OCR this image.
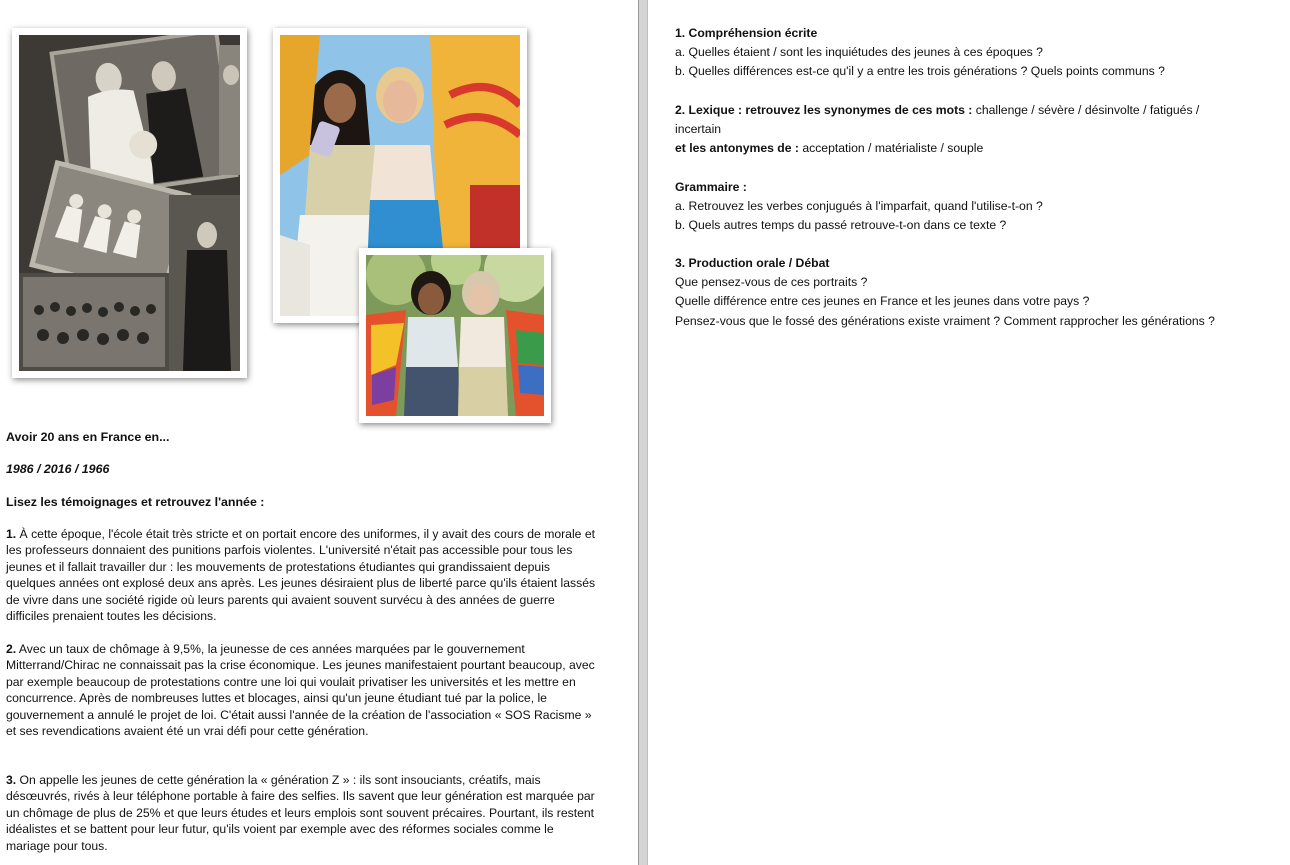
Avoir 20 ans en France en...

1986 / 2016 / 1966

Lisez les témoignages et retrouvez l'année :

1. À cette époque, l'école était très stricte et on portait encore des uniformes, il y avait des cours de morale et les professeurs donnaient des punitions parfois violentes. L'université n'était pas accessible pour tous les jeunes et il fallait travailler dur : les mouvements de protestations étudiantes qui grandissaient depuis quelques années ont explosé deux ans après. Les jeunes désiraient plus de liberté parce qu'ils étaient lassés de vivre dans une société rigide où leurs parents qui avaient souvent survécu à des années de guerre difficiles prenaient toutes les décisions.

2. Avec un taux de chômage à 9,5%, la jeunesse de ces années marquées par le gouvernement Mitterrand/Chirac ne connaissait pas la crise économique. Les jeunes manifestaient pourtant beaucoup, avec par exemple beaucoup de protestations contre une loi qui voulait privatiser les universités et les mettre en concurrence. Après de nombreuses luttes et blocages, ainsi qu'un jeune étudiant tué par la police, le gouvernement a annulé le projet de loi. C'était aussi l'année de la création de l'association « SOS Racisme » et ses revendications avaient été un vrai défi pour cette génération.

3. On appelle les jeunes de cette génération la « génération Z » : ils sont insouciants, créatifs, mais désœuvrés, rivés à leur téléphone portable à faire des selfies. Ils savent que leur génération est marquée par un chômage de plus de 25% et que leurs études et leurs emplois sont souvent précaires. Pourtant, ils restent idéalistes et se battent pour leur futur, qu'ils voient par exemple avec des réformes sociales comme le mariage pour tous.

1. Compréhension écrite
a. Quelles étaient / sont les inquiétudes des jeunes à ces époques ?
b. Quelles différences est-ce qu'il y a entre les trois générations ? Quels points communs ?
2. Lexique : retrouvez les synonymes de ces mots : challenge / sévère / désinvolte / fatigués /
incertain
et les antonymes de : acceptation / matérialiste / souple
Grammaire :
a. Retrouvez les verbes conjugués à l'imparfait, quand l'utilise-t-on ?
b. Quels autres temps du passé retrouve-t-on dans ce texte ?
3. Production orale / Débat
Que pensez-vous de ces portraits ?
Quelle différence entre ces jeunes en France et les jeunes dans votre pays ?
Pensez-vous que le fossé des générations existe vraiment ? Comment rapprocher les générations ?
